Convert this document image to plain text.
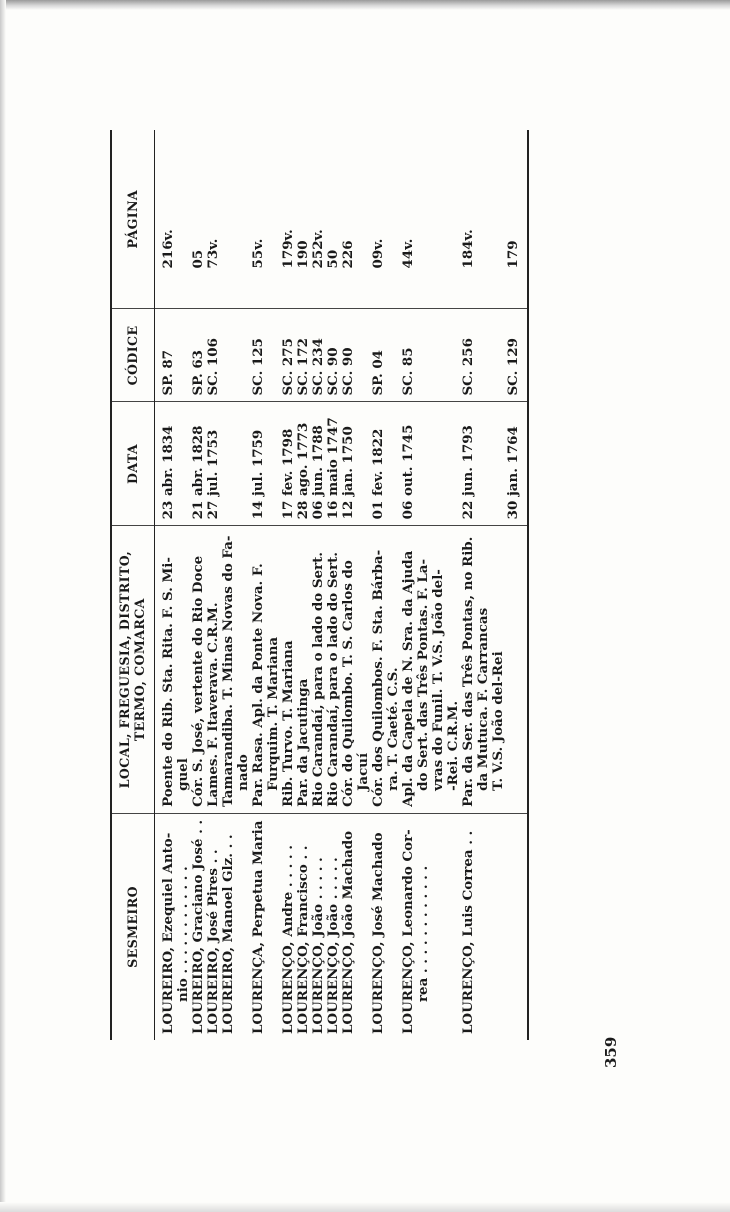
SESMEIRO	LOCAL, FREGUESIA, DISTRITO, TERMO, COMARCA	DATA	CÓDICE	PÁGINA

LOUREIRO, Ezequiel Anto- nio . . . . . . . . . . . .	Poente do Rib. Sta. Rita. F. S. Mi- guel	23 abr. 1834	SP. 87	216v.

LOUREIRO, Graciano José . .	Cór. S. José, vertente do Rio Doce	21 abr. 1828	SP. 63	05

LOUREIRO, José Pires . .	Lames. F. Itaverava. C.R.M.	27 jul. 1753	SC. 106	73v.

LOUREIRO, Manoel Glz. . .	Tamarandiba. T. Minas Novas do Fa- nado			

LOURENÇA, Perpetua Maria	Par. Rasa. Apl. da Ponte Nova. F. Furquim. T. Mariana	14 jul. 1759	SC. 125	55v.

LOURENÇO, Andre . . . . .	Rib. Turvo. T. Mariana	17 fev. 1798	SC. 275	179v.

LOURENÇO, Francisco . .	Par. da Jacutinga	28 ago. 1773	SC. 172	190

LOURENÇO, João . . . . .	Rio Carandaí, para o lado do Sert.	06 jun. 1788	SC. 234	252v.

LOURENÇO, João . . . . .	Rio Carandaí, para o lado do Sert.	16 maio 1747	SC. 90	50

LOURENÇO, João Machado	Cór. do Quilombo. T. S. Carlos do Jacuí	12 jan. 1750	SC. 90	226

LOURENÇO, José Machado	Cór. dos Quilombos. F. Sta. Bárba- ra. T. Caeté. C.S.	01 fev. 1822	SP. 04	09v.

LOURENÇO, Leonardo Cor- rea . . . . . . . . . . . .	Apl. da Capela de N. Sra. da Ajuda do Sert. das Três Pontas. F. La- vras do Funil. T. V.S. João del- -Rei. C.R.M.	06 out. 1745	SC. 85	44v.

LOURENÇO, Luis Correa . .	Par. da Ser. das Três Pontas, no Rib. da Mutuca. F. Carrancas T. V.S. João del-Rei	22 jun. 1793	SC. 256	184v.

	30 jan. 1764	SC. 129	179
359
